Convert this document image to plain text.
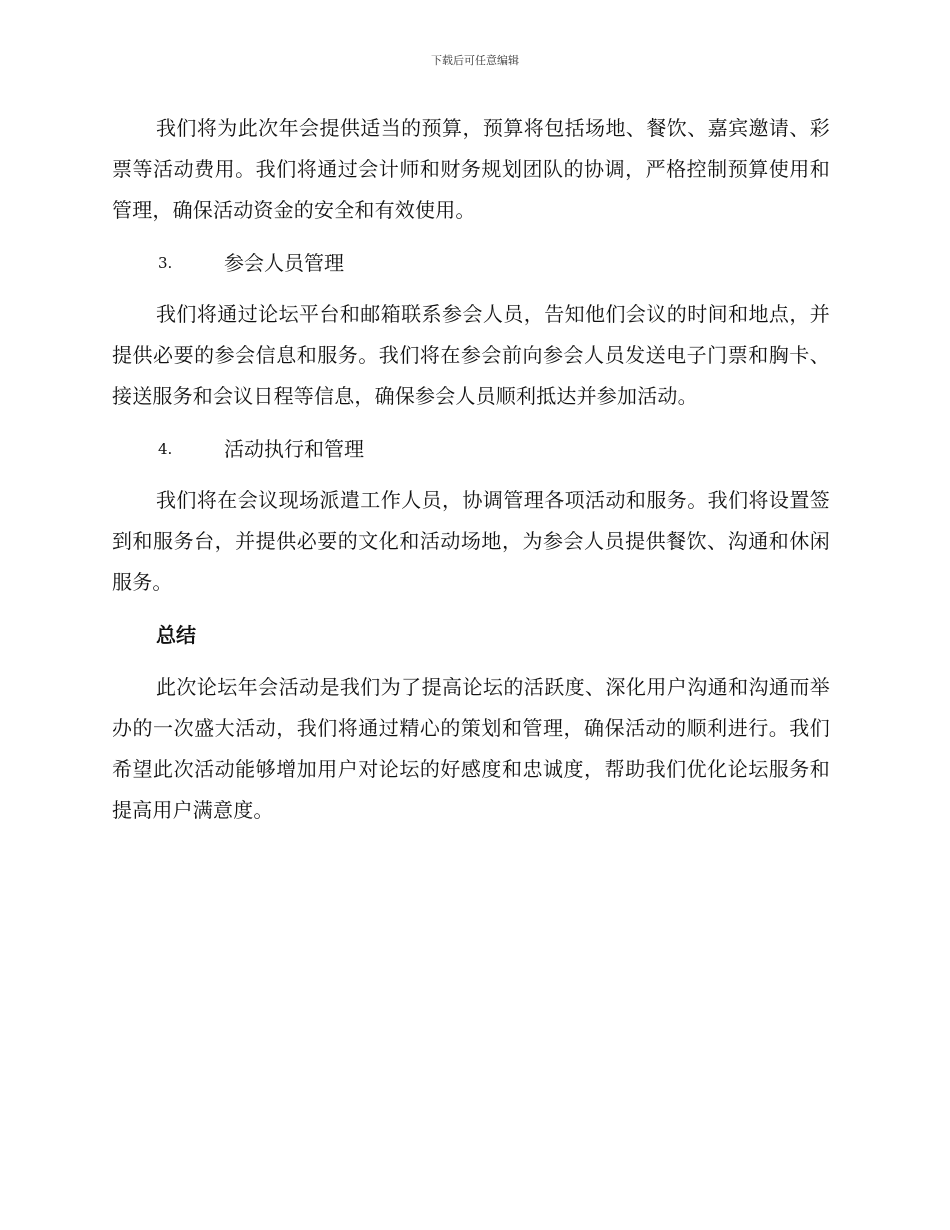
下载后可任意编辑

我们将为此次年会提供适当的预算，预算将包括场地、餐饮、嘉宾邀请、彩票等活动费用。我们将通过会计师和财务规划团队的协调，严格控制预算使用和管理，确保活动资金的安全和有效使用。

3.	参会人员管理

我们将通过论坛平台和邮箱联系参会人员，告知他们会议的时间和地点，并提供必要的参会信息和服务。我们将在参会前向参会人员发送电子门票和胸卡、接送服务和会议日程等信息，确保参会人员顺利抵达并参加活动。

4.	活动执行和管理

我们将在会议现场派遣工作人员，协调管理各项活动和服务。我们将设置签到和服务台，并提供必要的文化和活动场地，为参会人员提供餐饮、沟通和休闲服务。

总结

此次论坛年会活动是我们为了提高论坛的活跃度、深化用户沟通和沟通而举办的一次盛大活动，我们将通过精心的策划和管理，确保活动的顺利进行。我们希望此次活动能够增加用户对论坛的好感度和忠诚度，帮助我们优化论坛服务和提高用户满意度。
